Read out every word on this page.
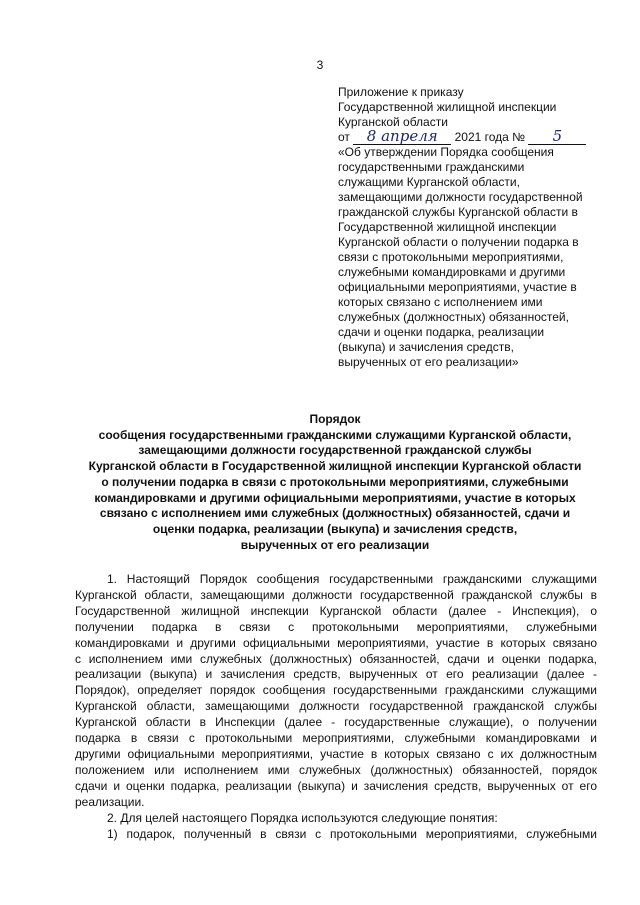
3
Приложение к приказу
Государственной жилищной инспекции
Курганской области
от 8 апреля 2021 года № 5
«Об утверждении Порядка сообщения
государственными гражданскими
служащими Курганской области,
замещающими должности государственной
гражданской службы Курганской области в
Государственной жилищной инспекции
Курганской области о получении подарка в
связи с протокольными мероприятиями,
служебными командировками и другими
официальными мероприятиями, участие в
которых связано с исполнением ими
служебных (должностных) обязанностей,
сдачи и оценки подарка, реализации
(выкупа) и зачисления средств,
вырученных от его реализации»
Порядок
сообщения государственными гражданскими служащими Курганской области,
замещающими должности государственной гражданской службы
Курганской области в Государственной жилищной инспекции Курганской области
о получении подарка в связи с протокольными мероприятиями, служебными
командировками и другими официальными мероприятиями, участие в которых
связано с исполнением ими служебных (должностных) обязанностей, сдачи и
оценки подарка, реализации (выкупа) и зачисления средств,
вырученных от его реализации
1. Настоящий Порядок сообщения государственными гражданскими служащими
Курганской области, замещающими должности государственной гражданской службы в
Государственной жилищной инспекции Курганской области (далее - Инспекция), о
получении подарка в связи с протокольными мероприятиями, служебными
командировками и другими официальными мероприятиями, участие в которых связано
с исполнением ими служебных (должностных) обязанностей, сдачи и оценки подарка,
реализации (выкупа) и зачисления средств, вырученных от его реализации (далее -
Порядок), определяет порядок сообщения государственными гражданскими служащими
Курганской области, замещающими должности государственной гражданской службы
Курганской области в Инспекции (далее - государственные служащие), о получении
подарка в связи с протокольными мероприятиями, служебными командировками и
другими официальными мероприятиями, участие в которых связано с их должностным
положением или исполнением ими служебных (должностных) обязанностей, порядок
сдачи и оценки подарка, реализации (выкупа) и зачисления средств, вырученных от его
реализации.
2. Для целей настоящего Порядка используются следующие понятия:
1) подарок, полученный в связи с протокольными мероприятиями, служебными
